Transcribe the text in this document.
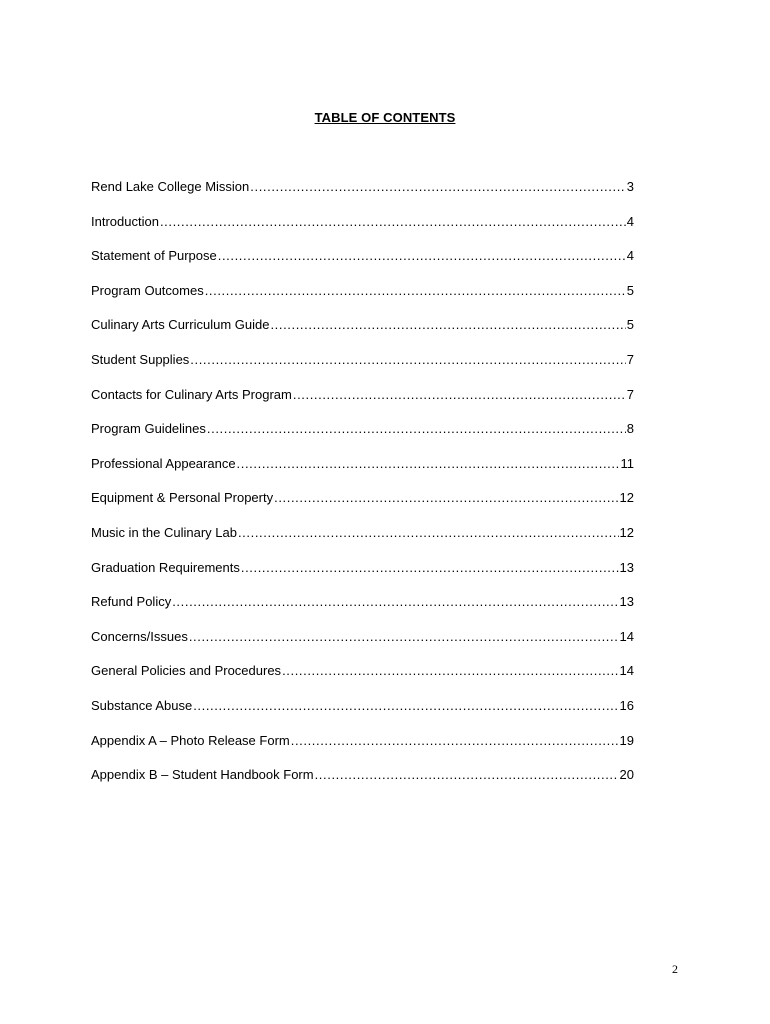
TABLE OF CONTENTS
Rend Lake College Mission .....	3
Introduction .....	4
Statement of Purpose .....	4
Program Outcomes .....	5
Culinary Arts Curriculum Guide .....	5
Student Supplies .....	7
Contacts for Culinary Arts Program .....	7
Program Guidelines .....	8
Professional Appearance .....	11
Equipment & Personal Property .....	12
Music in the Culinary Lab .....	12
Graduation Requirements .....	13
Refund Policy .....	13
Concerns/Issues .....	14
General Policies and Procedures .....	14
Substance Abuse .....	16
Appendix A – Photo Release Form .....	19
Appendix B – Student Handbook Form .....	20
2
